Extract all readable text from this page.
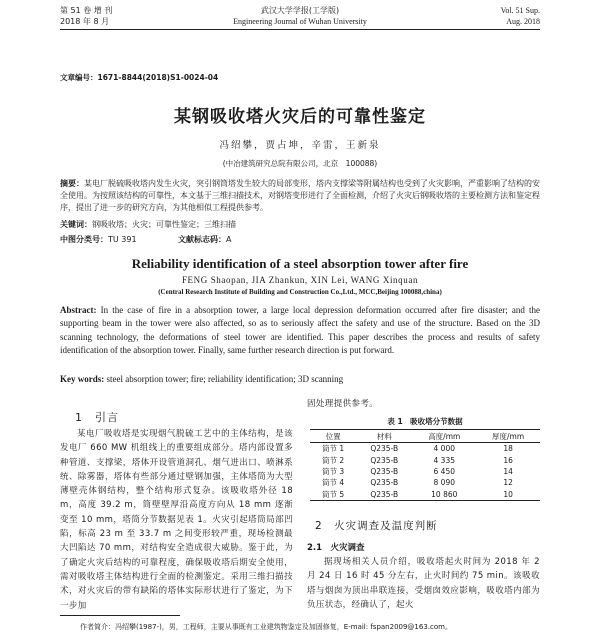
第 51 卷 增 刊
2018 年 8 月
武汉大学学报(工学版)
Engineering Journal of Wuhan University
Vol. 51 Sup.
Aug. 2018
文章编号：1671-8844(2018)S1-0024-04
某钢吸收塔火灾后的可靠性鉴定
冯绍攀，贾占坤，辛雷，王新泉
(中冶建筑研究总院有限公司，北京　100088)
摘要：某电厂脱硫吸收塔内发生火灾，突引钢筒塔发生较大的局部变形，塔内支撑梁等附属结构也受到了火灾影响，严重影响了结构的安全使用。为按照该结构的可靠性，本文基于三维扫描技术，对钢塔变形进行了全面检测，介绍了火灾后钢吸收塔的主要检测方法和鉴定程序，提出了进一步的研究方向，为其他相似工程提供参考。
关键词：钢吸收塔；火灾；可靠性鉴定；三维扫描
中图分类号：TU 391	文献标志码：A
Reliability identification of a steel absorption tower after fire
FENG Shaopan, JIA Zhankun, XIN Lei, WANG Xinquan
(Central Research Institute of Building and Construction Co.,Ltd., MCC,Beijing 100088,china)
Abstract: In the case of fire in a absorption tower, a large local depression deformation occurred after fire disaster; and the supporting beam in the tower were also affected, so as to seriously affect the safety and use of the structure. Based on the 3D scanning technology, the deformations of steel tower are identified. This paper describes the process and results of safety identification of the absorption tower. Finally, same further research direction is put forward.
Key words: steel absorption tower; fire; reliability identification; 3D scanning
1　引言
某电厂吸收塔是实现烟气脱硫工艺中的主体结构，是该发电厂 660 MW 机组线上的重要组成部分。塔内部设置多种管道、支撑梁，塔体开设管道洞孔、烟气进出口、喷淋系统、除雾器，塔体有些部分通过壁钢加强，主体塔筒为大型薄壁壳体钢结构，整个结构形式复杂。该吸收塔外径 18 m，高度 39.2 m，筒壁壁厚沿高度方向从 18 mm 逐渐变至 10 mm，塔筒分节数据见表 1。火灾引起塔筒局部凹陷，标高 23 m 至 33.7 m 之间变形较严重，现场检测最大凹陷达 70 mm，对结构安全造成很大威胁。鉴于此，为了确定火灾后结构的可靠程度，确保吸收塔后期安全使用，需对吸收塔主体结构进行全面的检测鉴定。采用三维扫描技术，对火灾后的带有缺陷的塔体实际形状进行了鉴定，为下一步加
固处理提供参考。
表 1　吸收塔分节数据
位置	材料	高度/mm	厚度/mm
筒节 1	Q235-B	4 000	18
筒节 2	Q235-B	4 335	16
筒节 3	Q235-B	6 450	14
筒节 4	Q235-B	8 090	12
筒节 5	Q235-B	10 860	10
2　火灾调查及温度判断
2.1　火灾调查
据现场相关人员介绍，吸收塔起火时间为 2018 年 2 月 24 日 16 时 45 分左右，止火时间约 75 min。该吸收塔与烟囱为顶出串联连接，受烟囱效应影响，吸收塔内部为负压状态，经确认了，起火
作者简介：冯绍攀(1987-)，男，工程师，主要从事既有工业建筑物鉴定及加固修复，E-mail: fspan2009@163.com。
